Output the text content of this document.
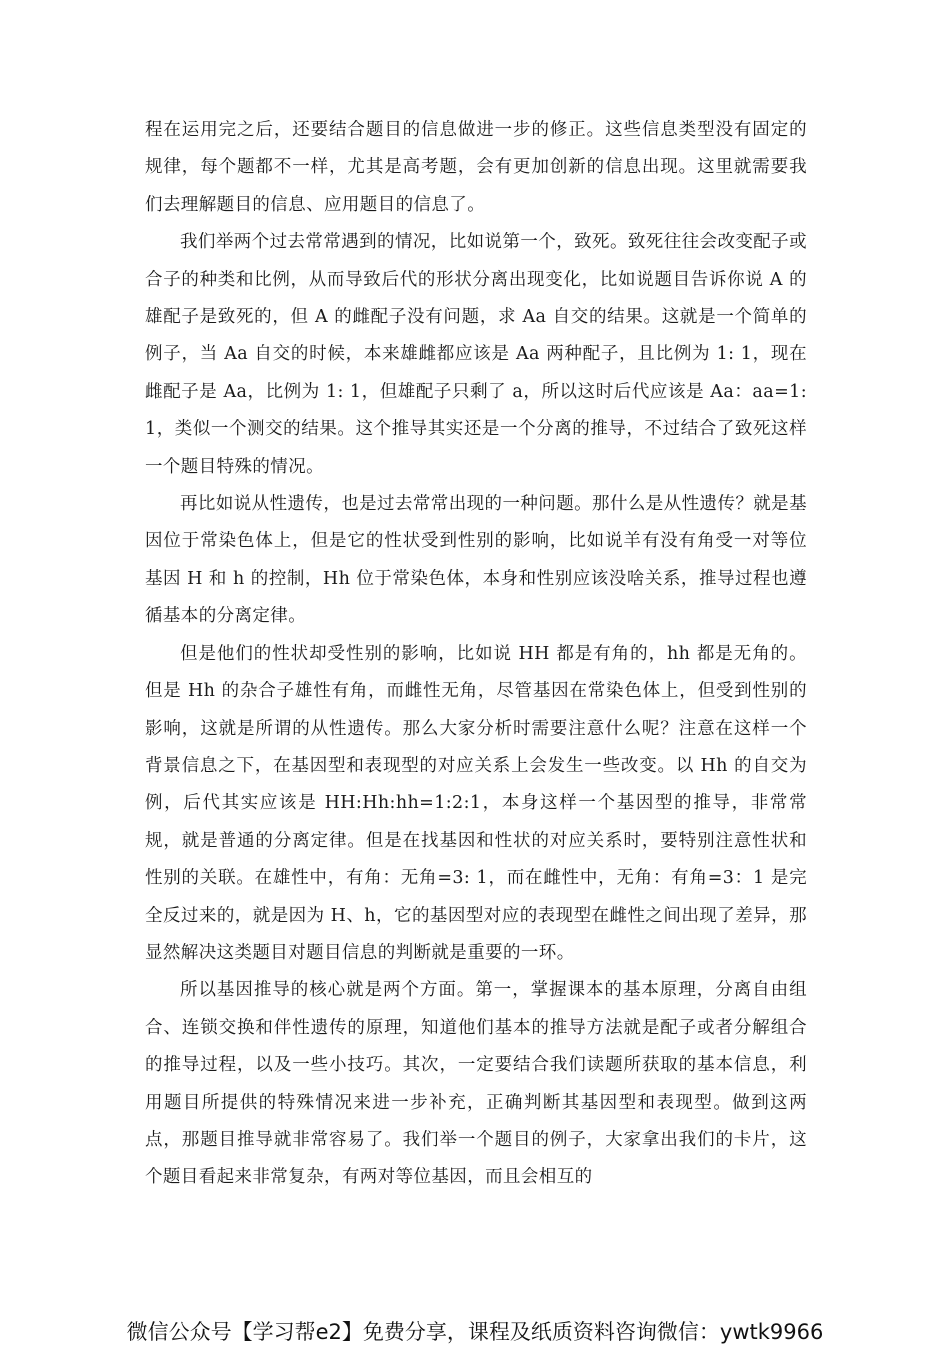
程在运用完之后，还要结合题目的信息做进一步的修正。这些信息类型没有固定的规律，每个题都不一样，尤其是高考题，会有更加创新的信息出现。这里就需要我们去理解题目的信息、应用题目的信息了。

我们举两个过去常常遇到的情况，比如说第一个，致死。致死往往会改变配子或合子的种类和比例，从而导致后代的形状分离出现变化，比如说题目告诉你说 A 的雄配子是致死的，但 A 的雌配子没有问题，求 Aa 自交的结果。这就是一个简单的例子，当 Aa 自交的时候，本来雄雌都应该是 Aa 两种配子，且比例为 1: 1，现在雌配子是 Aa，比例为 1: 1，但雄配子只剩了 a，所以这时后代应该是 Aa：aa=1: 1，类似一个测交的结果。这个推导其实还是一个分离的推导，不过结合了致死这样一个题目特殊的情况。

再比如说从性遗传，也是过去常常出现的一种问题。那什么是从性遗传？就是基因位于常染色体上，但是它的性状受到性别的影响，比如说羊有没有角受一对等位基因 H 和 h 的控制，Hh 位于常染色体，本身和性别应该没啥关系，推导过程也遵循基本的分离定律。

但是他们的性状却受性别的影响，比如说 HH 都是有角的，hh 都是无角的。但是 Hh 的杂合子雄性有角，而雌性无角，尽管基因在常染色体上，但受到性别的影响，这就是所谓的从性遗传。那么大家分析时需要注意什么呢？注意在这样一个背景信息之下，在基因型和表现型的对应关系上会发生一些改变。以 Hh 的自交为例，后代其实应该是 HH:Hh:hh=1:2:1，本身这样一个基因型的推导，非常常规，就是普通的分离定律。但是在找基因和性状的对应关系时，要特别注意性状和性别的关联。在雄性中，有角：无角=3: 1，而在雌性中，无角：有角=3：1 是完全反过来的，就是因为 H、h，它的基因型对应的表现型在雌性之间出现了差异，那显然解决这类题目对题目信息的判断就是重要的一环。

所以基因推导的核心就是两个方面。第一，掌握课本的基本原理，分离自由组合、连锁交换和伴性遗传的原理，知道他们基本的推导方法就是配子或者分解组合的推导过程，以及一些小技巧。其次，一定要结合我们读题所获取的基本信息，利用题目所提供的特殊情况来进一步补充，正确判断其基因型和表现型。做到这两点，那题目推导就非常容易了。我们举一个题目的例子，大家拿出我们的卡片，这个题目看起来非常复杂，有两对等位基因，而且会相互的

微信公众号【学习帮e2】免费分享，课程及纸质资料咨询微信：ywtk9966
